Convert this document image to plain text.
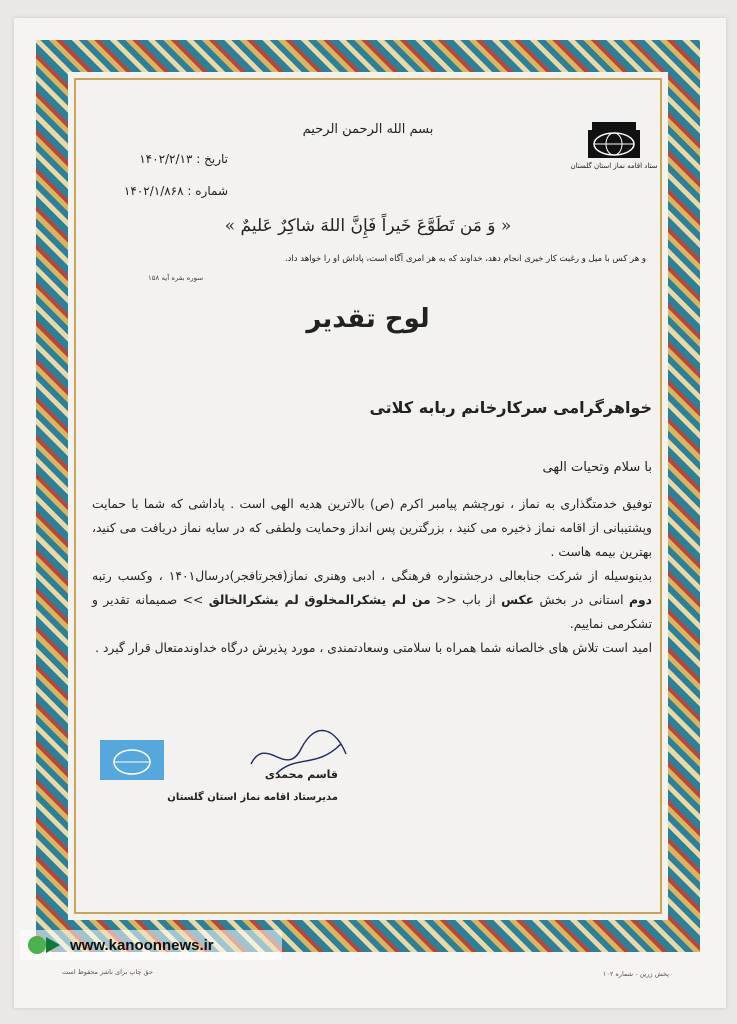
ستاد اقامه نماز استان گلستان
بسم الله الرحمن الرحیم
تاریخ : ۱۴۰۲/۲/۱۳
شماره : ۱۴۰۲/۱/۸۶۸
« وَ مَن تَطَوَّعَ خَیراً فَإِنَّ اللهَ شاکِرٌ عَلیمٌ »
و هر کس با میل و رغبت کار خیری انجام دهد، خداوند که به هر امری آگاه است، پاداش او را خواهد داد.
سوره بقره آیه ۱۵۸
لوح تقدیر
خواهرگرامی سرکارخانم ربابه کلاتی
با سلام وتحیات الهی

توفیق خدمتگذاری به نماز ، نورچشم پیامبر اکرم (ص) بالاترین هدیه الهی است . پاداشی که شما با حمایت وپشتیبانی از اقامه نماز ذخیره می کنید ، بزرگترین پس انداز وحمایت ولطفی که در سایه نماز دریافت می کنید، بهترین بیمه هاست .

بدینوسیله از شرکت جنابعالی درجشنواره فرهنگی ، ادبی وهنری نماز(فجرتافجر)درسال۱۴۰۱ ، وکسب رتبه دوم استانی در بخش عکس از باب << من لم یشکرالمخلوق لم یشکرالخالق >> صمیمانه تقدیر و تشکرمی نماییم.

امید است تلاش های خالصانه شما همراه با سلامتی وسعادتمندی ، مورد پذیرش درگاه خداوندمتعال قرار گیرد .

قاسم محمدی
مدیرستاد اقامه نماز استان گلستان
www.kanoonnews.ir
حق چاپ برای ناشر محفوظ است	پخش زرین - شماره ۱۰۲
